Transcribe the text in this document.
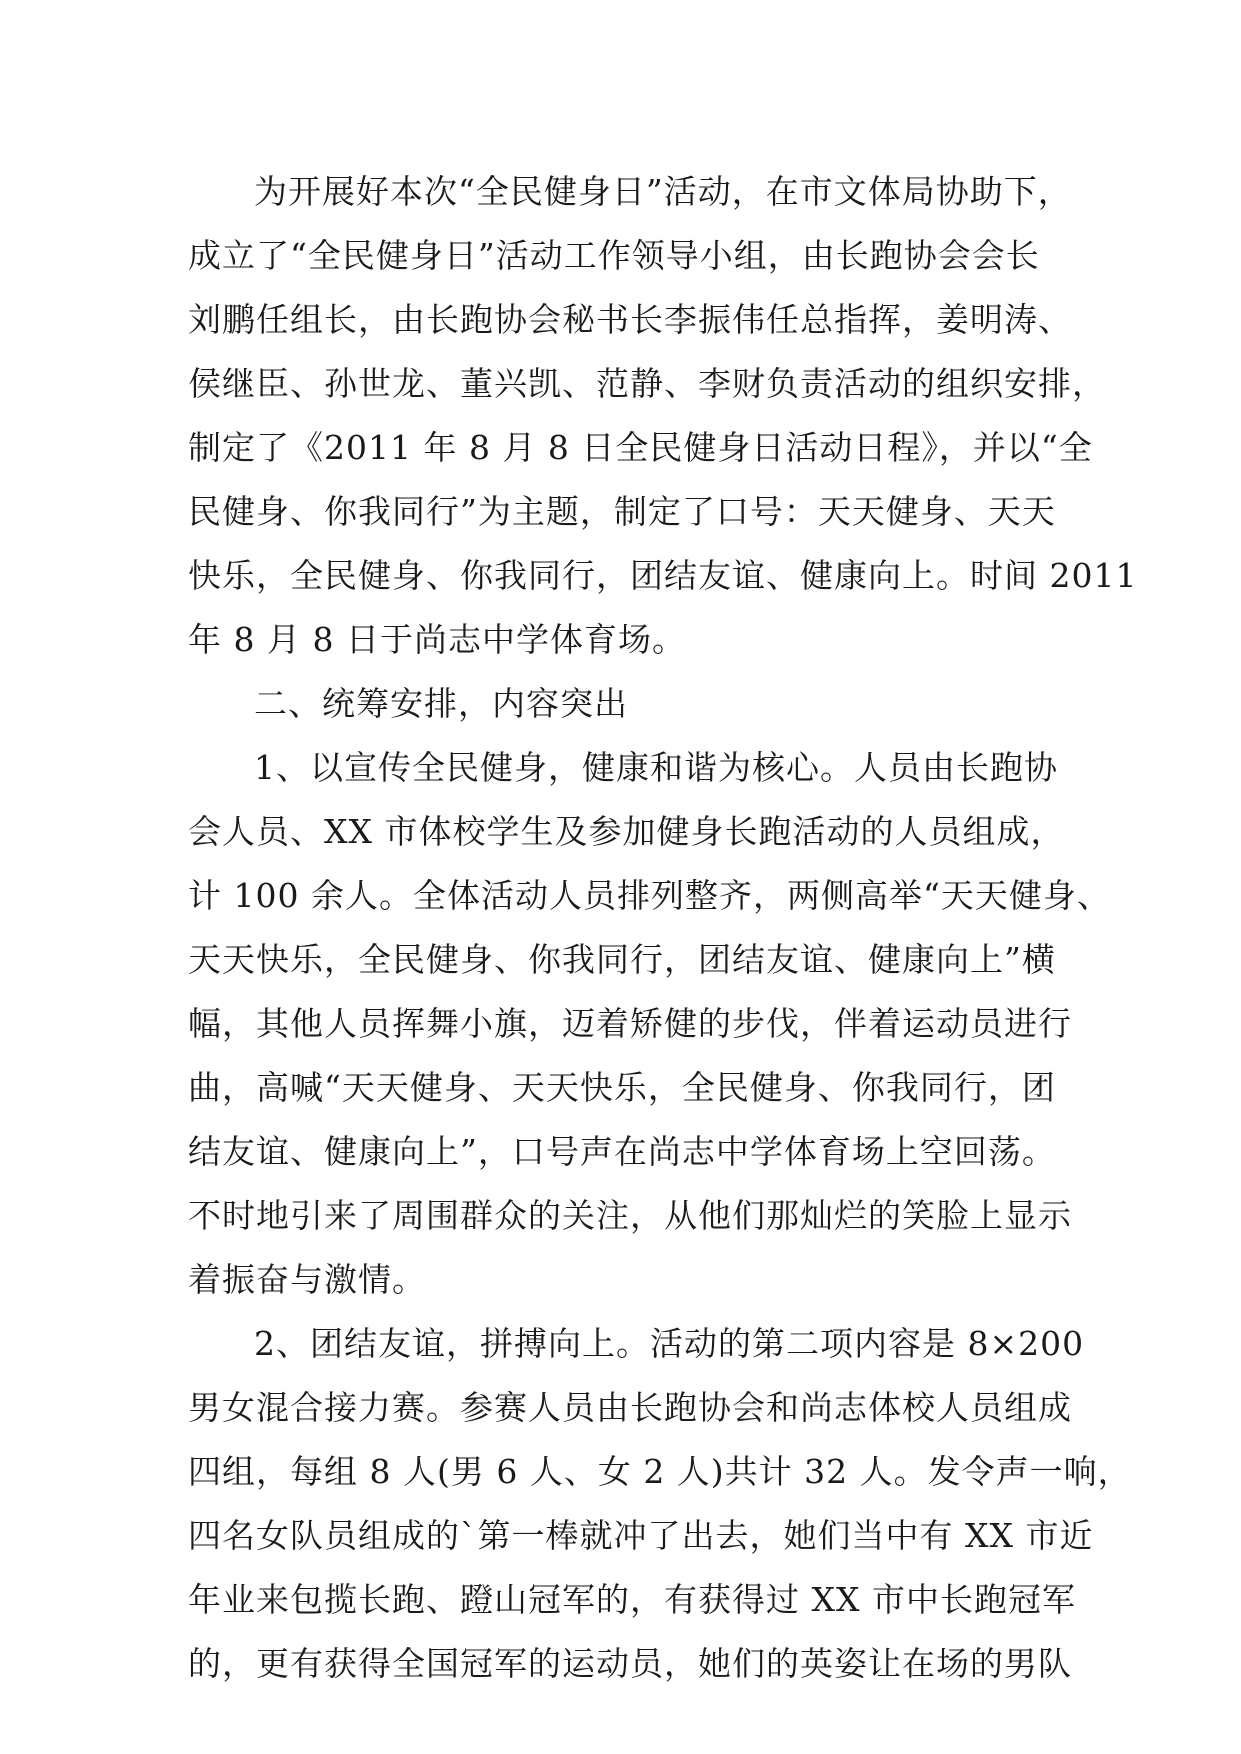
为开展好本次“全民健身日”活动，在市文体局协助下，

成立了“全民健身日”活动工作领导小组，由长跑协会会长

刘鹏任组长，由长跑协会秘书长李振伟任总指挥，姜明涛、

侯继臣、孙世龙、董兴凯、范静、李财负责活动的组织安排，

制定了《2011 年 8 月 8 日全民健身日活动日程》，并以“全

民健身、你我同行”为主题，制定了口号：天天健身、天天

快乐，全民健身、你我同行，团结友谊、健康向上。时间 2011

年 8 月 8 日于尚志中学体育场。

二、统筹安排，内容突出

1、以宣传全民健身，健康和谐为核心。人员由长跑协

会人员、XX 市体校学生及参加健身长跑活动的人员组成，

计 100 余人。全体活动人员排列整齐，两侧高举“天天健身、

天天快乐，全民健身、你我同行，团结友谊、健康向上”横

幅，其他人员挥舞小旗，迈着矫健的步伐，伴着运动员进行

曲，高喊“天天健身、天天快乐，全民健身、你我同行，团

结友谊、健康向上”，口号声在尚志中学体育场上空回荡。

不时地引来了周围群众的关注，从他们那灿烂的笑脸上显示

着振奋与激情。

2、团结友谊，拼搏向上。活动的第二项内容是 8×200

男女混合接力赛。参赛人员由长跑协会和尚志体校人员组成

四组，每组 8 人(男 6 人、女 2 人)共计 32 人。发令声一响，

四名女队员组成的`第一棒就冲了出去，她们当中有 XX 市近

年业来包揽长跑、蹬山冠军的，有获得过 XX 市中长跑冠军

的，更有获得全国冠军的运动员，她们的英姿让在场的男队
